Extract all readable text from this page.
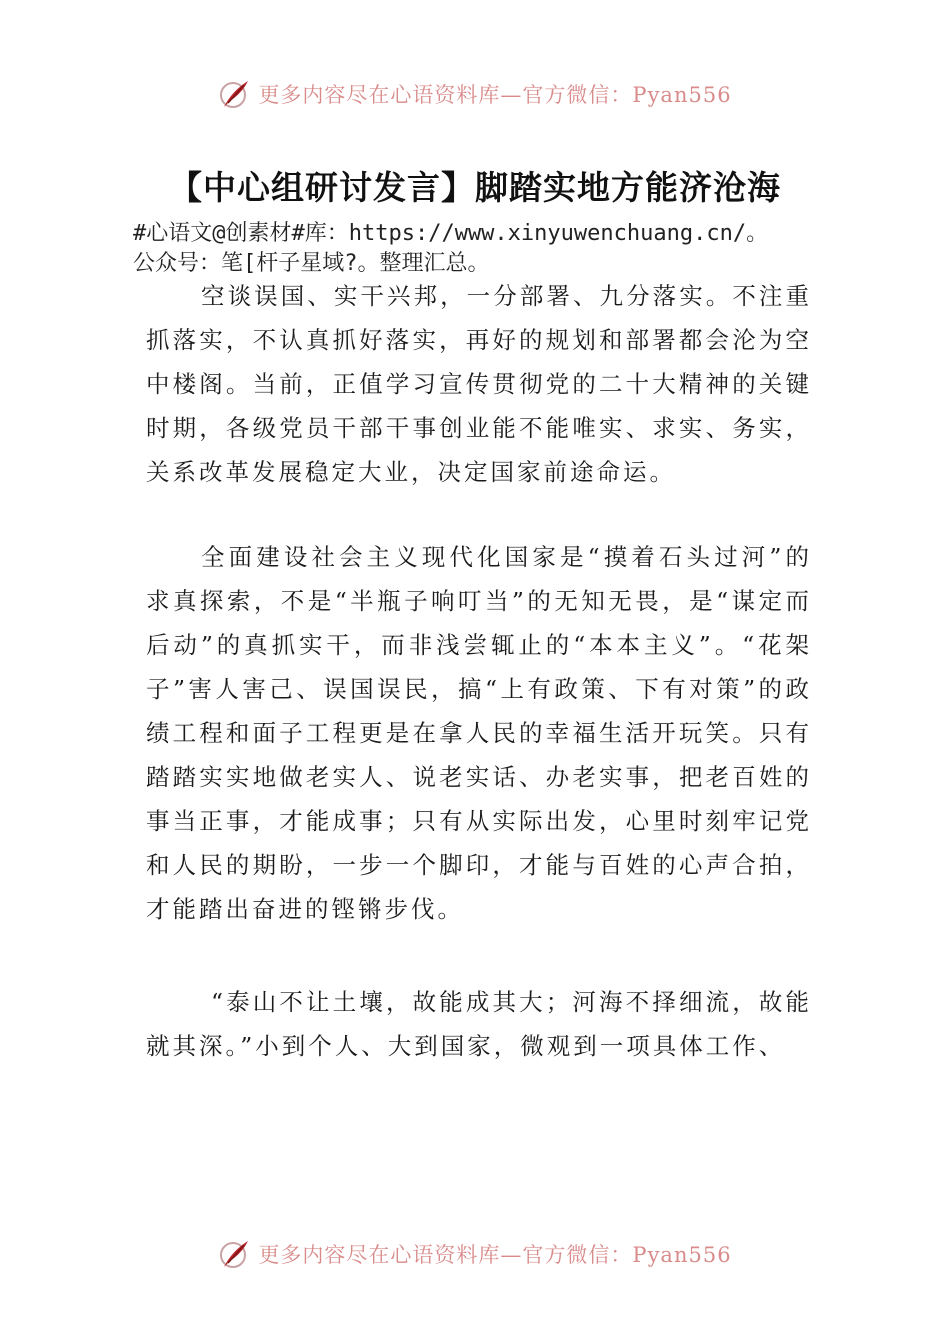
更多内容尽在心语资料库—官方微信：Pyan556
【中心组研讨发言】脚踏实地方能济沧海
#心语文@创素材#库：https://www.xinyuwenchuang.cn/。
公众号：笔[杆子星域?。整理汇总。

空谈误国、实干兴邦，一分部署、九分落实。不注重抓落实，不认真抓好落实，再好的规划和部署都会沦为空中楼阁。当前，正值学习宣传贯彻党的二十大精神的关键时期，各级党员干部干事创业能不能唯实、求实、务实，关系改革发展稳定大业，决定国家前途命运。

全面建设社会主义现代化国家是“摸着石头过河”的求真探索，不是“半瓶子响叮当”的无知无畏，是“谋定而后动”的真抓实干，而非浅尝辄止的“本本主义”。“花架子”害人害己、误国误民，搞“上有政策、下有对策”的政绩工程和面子工程更是在拿人民的幸福生活开玩笑。只有踏踏实实地做老实人、说老实话、办老实事，把老百姓的事当正事，才能成事；只有从实际出发，心里时刻牢记党和人民的期盼，一步一个脚印，才能与百姓的心声合拍，才能踏出奋进的铿锵步伐。

“泰山不让土壤，故能成其大；河海不择细流，故能就其深。”小到个人、大到国家，微观到一项具体工作、

更多内容尽在心语资料库—官方微信：Pyan556
